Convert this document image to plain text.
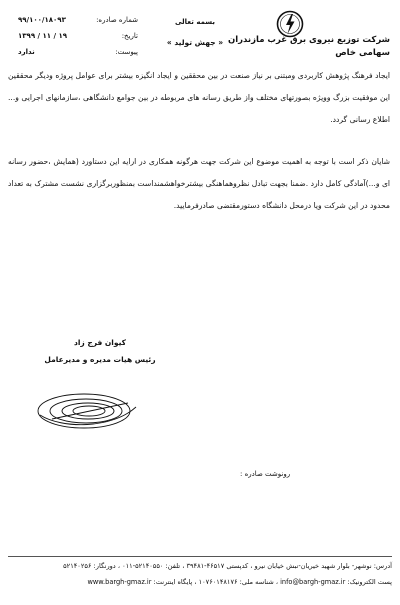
شرکت توزیع نیروی برق غرب مازندران
سهامی خاص
بسمه تعالی
« جهش تولید »
شماره صادره:
۹۹/۱۰۰/۱۸۰۹۳
تاریخ:
۱۳۹۹ / ۱۱ / ۱۹
پیوست:
ندارد

ایجاد فرهنگ پژوهش کاربردی ومبتنی بر نیاز صنعت در بین محققین و ایجاد انگیزه بیشتر برای عوامل پروژه ودیگر محققین این موفقیت بزرگ وویژه بصورتهای مختلف واز طریق رسانه های مربوطه در بین جوامع دانشگاهی ،سازمانهای اجرایی و... اطلاع رسانی گردد.

شایان ذکر است با توجه به اهمیت موضوع این شرکت جهت هرگونه همکاری در ارایه این دستاورد (همایش ،حضور رسانه ای و...)آمادگی کامل دارد .ضمنا بجهت تبادل نظروهماهنگی بیشترخواهشمنداست بمنظوربرگزاری نشست مشترک به تعداد محدود در این شرکت ویا درمحل دانشگاه دستورمقتضی صادرفرمایید.

کیوان فرج زاد
رئیس هیات مدیره و مدیرعامل
رونوشت صادره :
آدرس: نوشهر- بلوار شهید خیریان-نبش خیابان نیرو ، کدپستی ۴۶۵۱۷-۳۹۴۸۱ ، تلفن: ۵۲۱۴۰۵۵۰-۰۱۱ ، دورنگار: ۵۲۱۴۰۲۵۶
پست الکترونیک: info@bargh-gmaz.ir ، شناسه ملی: ۱۰۷۶۰۱۴۸۱۷۶ ، پایگاه اینترنت: www.bargh-gmaz.ir
